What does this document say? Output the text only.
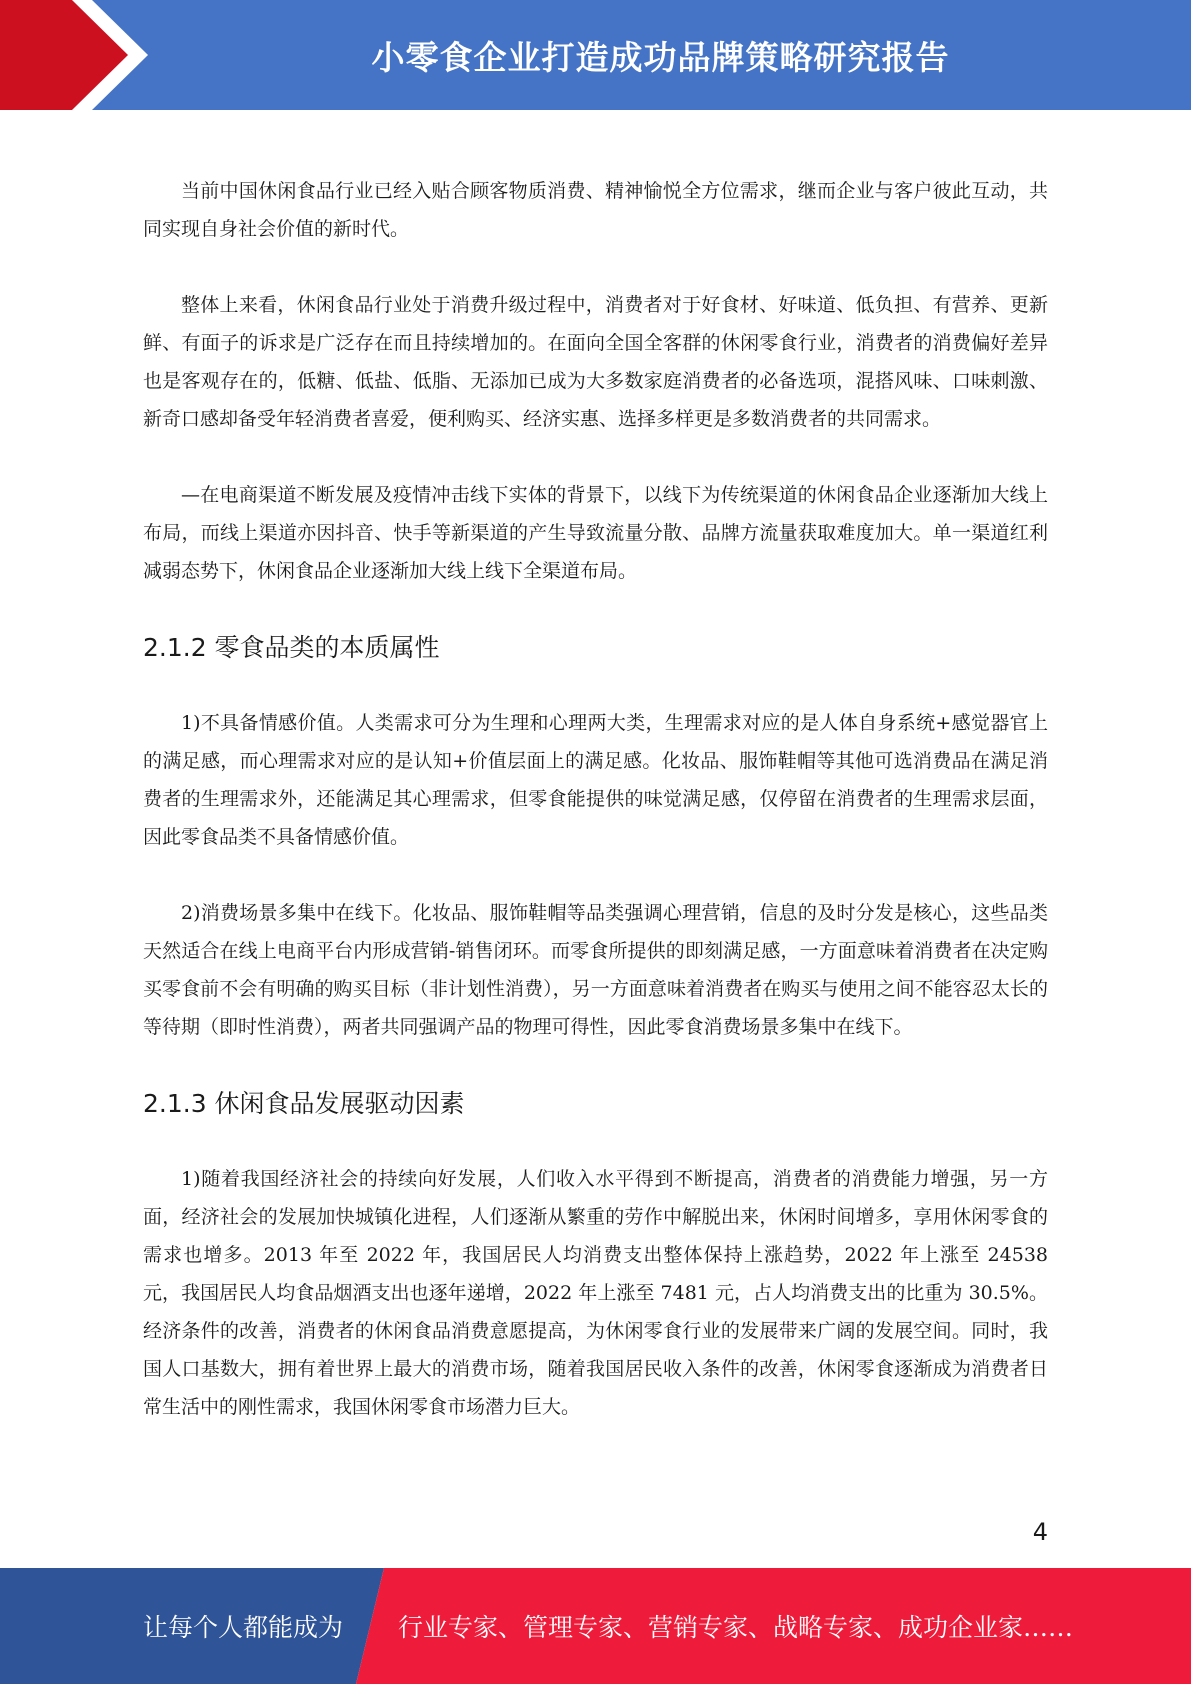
小零食企业打造成功品牌策略研究报告

当前中国休闲食品行业已经入贴合顾客物质消费、精神愉悦全方位需求，继而企业与客户彼此互动，共同实现自身社会价值的新时代。

整体上来看，休闲食品行业处于消费升级过程中，消费者对于好食材、好味道、低负担、有营养、更新鲜、有面子的诉求是广泛存在而且持续增加的。在面向全国全客群的休闲零食行业，消费者的消费偏好差异也是客观存在的，低糖、低盐、低脂、无添加已成为大多数家庭消费者的必备选项，混搭风味、口味刺激、新奇口感却备受年轻消费者喜爱，便利购买、经济实惠、选择多样更是多数消费者的共同需求。

—在电商渠道不断发展及疫情冲击线下实体的背景下，以线下为传统渠道的休闲食品企业逐渐加大线上布局，而线上渠道亦因抖音、快手等新渠道的产生导致流量分散、品牌方流量获取难度加大。单一渠道红利减弱态势下，休闲食品企业逐渐加大线上线下全渠道布局。

2.1.2 零食品类的本质属性

1)不具备情感价值。人类需求可分为生理和心理两大类，生理需求对应的是人体自身系统+感觉器官上的满足感，而心理需求对应的是认知+价值层面上的满足感。化妆品、服饰鞋帽等其他可选消费品在满足消费者的生理需求外，还能满足其心理需求，但零食能提供的味觉满足感，仅停留在消费者的生理需求层面，因此零食品类不具备情感价值。

2)消费场景多集中在线下。化妆品、服饰鞋帽等品类强调心理营销，信息的及时分发是核心，这些品类天然适合在线上电商平台内形成营销-销售闭环。而零食所提供的即刻满足感，一方面意味着消费者在决定购买零食前不会有明确的购买目标（非计划性消费），另一方面意味着消费者在购买与使用之间不能容忍太长的等待期（即时性消费），两者共同强调产品的物理可得性，因此零食消费场景多集中在线下。

2.1.3 休闲食品发展驱动因素

1)随着我国经济社会的持续向好发展，人们收入水平得到不断提高，消费者的消费能力增强，另一方面，经济社会的发展加快城镇化进程，人们逐渐从繁重的劳作中解脱出来，休闲时间增多，享用休闲零食的需求也增多。2013 年至 2022 年，我国居民人均消费支出整体保持上涨趋势，2022 年上涨至 24538 元，我国居民人均食品烟酒支出也逐年递增，2022 年上涨至 7481 元，占人均消费支出的比重为 30.5%。经济条件的改善，消费者的休闲食品消费意愿提高，为休闲零食行业的发展带来广阔的发展空间。同时，我国人口基数大，拥有着世界上最大的消费市场，随着我国居民收入条件的改善，休闲零食逐渐成为消费者日常生活中的刚性需求，我国休闲零食市场潜力巨大。

4
让每个人都能成为 行业专家、管理专家、营销专家、战略专家、成功企业家……
